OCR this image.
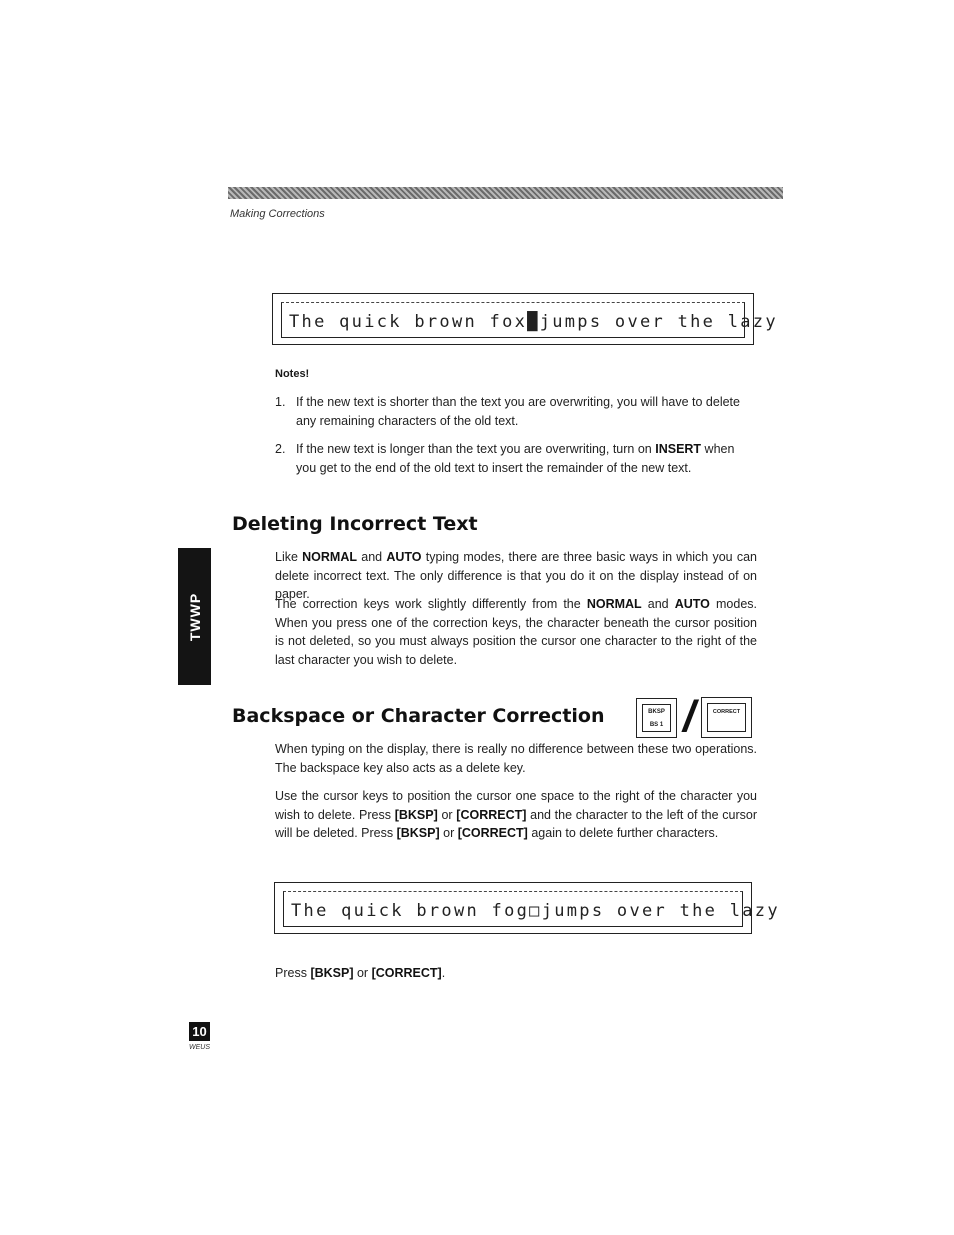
Making Corrections
The quick brown fox█jumps over the lazy
Notes!
1. If the new text is shorter than the text you are overwriting, you will have to delete any remaining characters of the old text.
2. If the new text is longer than the text you are overwriting, turn on INSERT when you get to the end of the old text to insert the remainder of the new text.
Deleting Incorrect Text
Like NORMAL and AUTO typing modes, there are three basic ways in which you can delete incorrect text. The only difference is that you do it on the display instead of on paper.
The correction keys work slightly differently from the NORMAL and AUTO modes. When you press one of the correction keys, the character beneath the cursor position is not deleted, so you must always position the cursor one character to the right of the last character you wish to delete.
TWWP
Backspace or Character Correction	BKSP
BS 1 /	CORRECT
When typing on the display, there is really no difference between these two operations. The backspace key also acts as a delete key.
Use the cursor keys to position the cursor one space to the right of the character you wish to delete. Press [BKSP] or [CORRECT] and the character to the left of the cursor will be deleted. Press [BKSP] or [CORRECT] again to delete further characters.
The quick brown fog□jumps over the lazy
Press [BKSP] or [CORRECT].
10
WEUS
